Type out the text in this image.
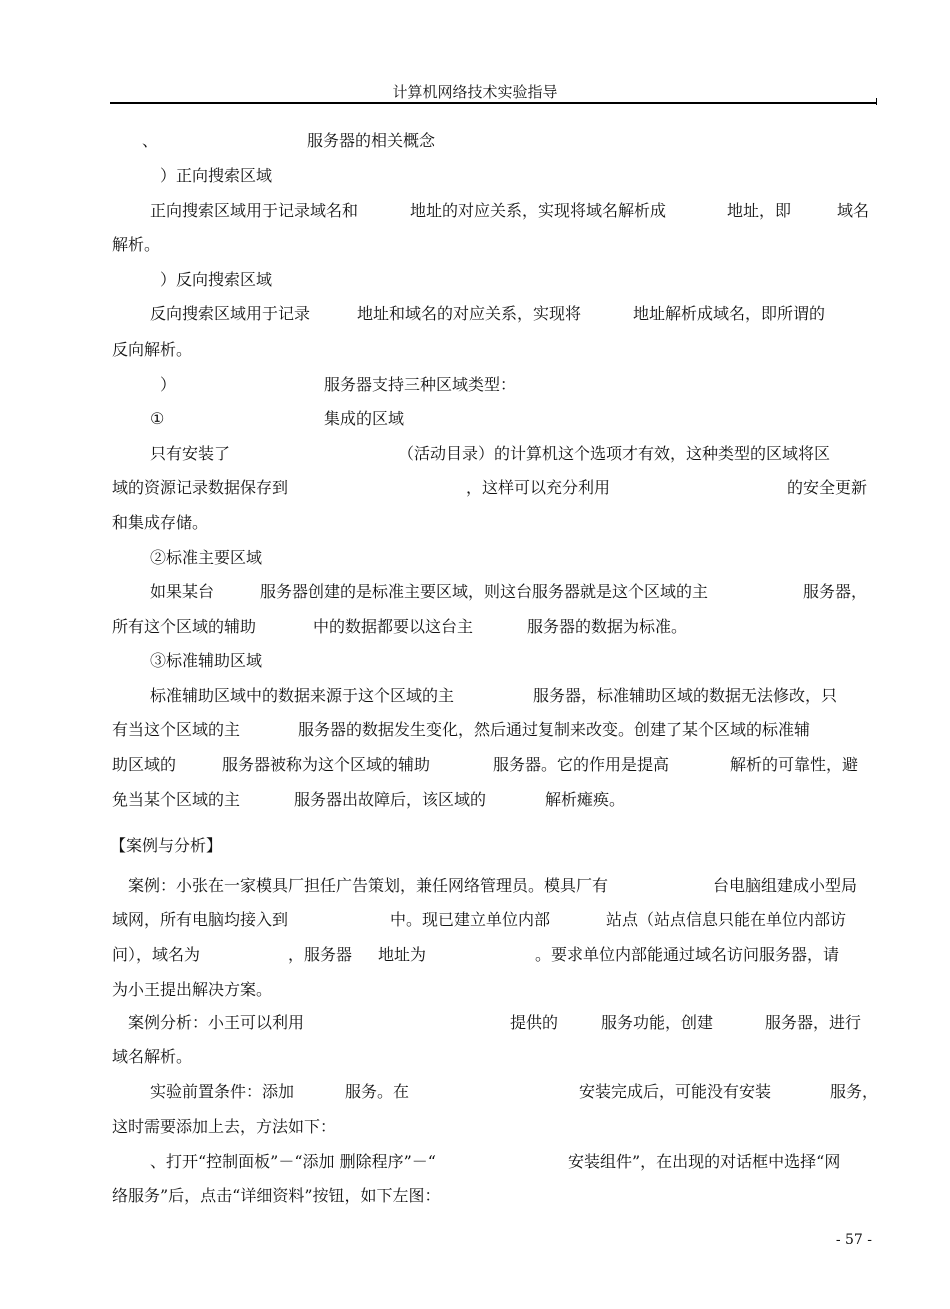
计算机网络技术实验指导
、	服务器的相关概念
）正向搜索区域
正向搜索区域用于记录域名和	地址的对应关系，实现将域名解析成	地址，即	域名
解析。
）反向搜索区域
反向搜索区域用于记录	地址和域名的对应关系，实现将	地址解析成域名，即所谓的
反向解析。
）	服务器支持三种区域类型：
①	集成的区域
只有安装了	（活动目录）的计算机这个选项才有效，这种类型的区域将区
域的资源记录数据保存到	，这样可以充分利用	的安全更新
和集成存储。
②标准主要区域
如果某台	服务器创建的是标准主要区域，则这台服务器就是这个区域的主	服务器，
所有这个区域的辅助	中的数据都要以这台主	服务器的数据为标准。
③标准辅助区域
标准辅助区域中的数据来源于这个区域的主	服务器，标准辅助区域的数据无法修改，只
有当这个区域的主	服务器的数据发生变化，然后通过复制来改变。创建了某个区域的标准辅
助区域的	服务器被称为这个区域的辅助	服务器。它的作用是提高	解析的可靠性，避
免当某个区域的主	服务器出故障后，该区域的	解析瘫痪。
【案例与分析】
案例：小张在一家模具厂担任广告策划，兼任网络管理员。模具厂有	台电脑组建成小型局
域网，所有电脑均接入到	中。现已建立单位内部	站点（站点信息只能在单位内部访
问），域名为	，服务器 地址为	。要求单位内部能通过域名访问服务器，请
为小王提出解决方案。
案例分析：小王可以利用	提供的	服务功能，创建	服务器，进行
域名解析。
实验前置条件：添加	服务。在	安装完成后，可能没有安装	服务，
这时需要添加上去，方法如下：
、打开“控制面板”－“添加 删除程序”－“	安装组件”，在出现的对话框中选择“网
络服务”后，点击“详细资料”按钮，如下左图：
- 57 -
